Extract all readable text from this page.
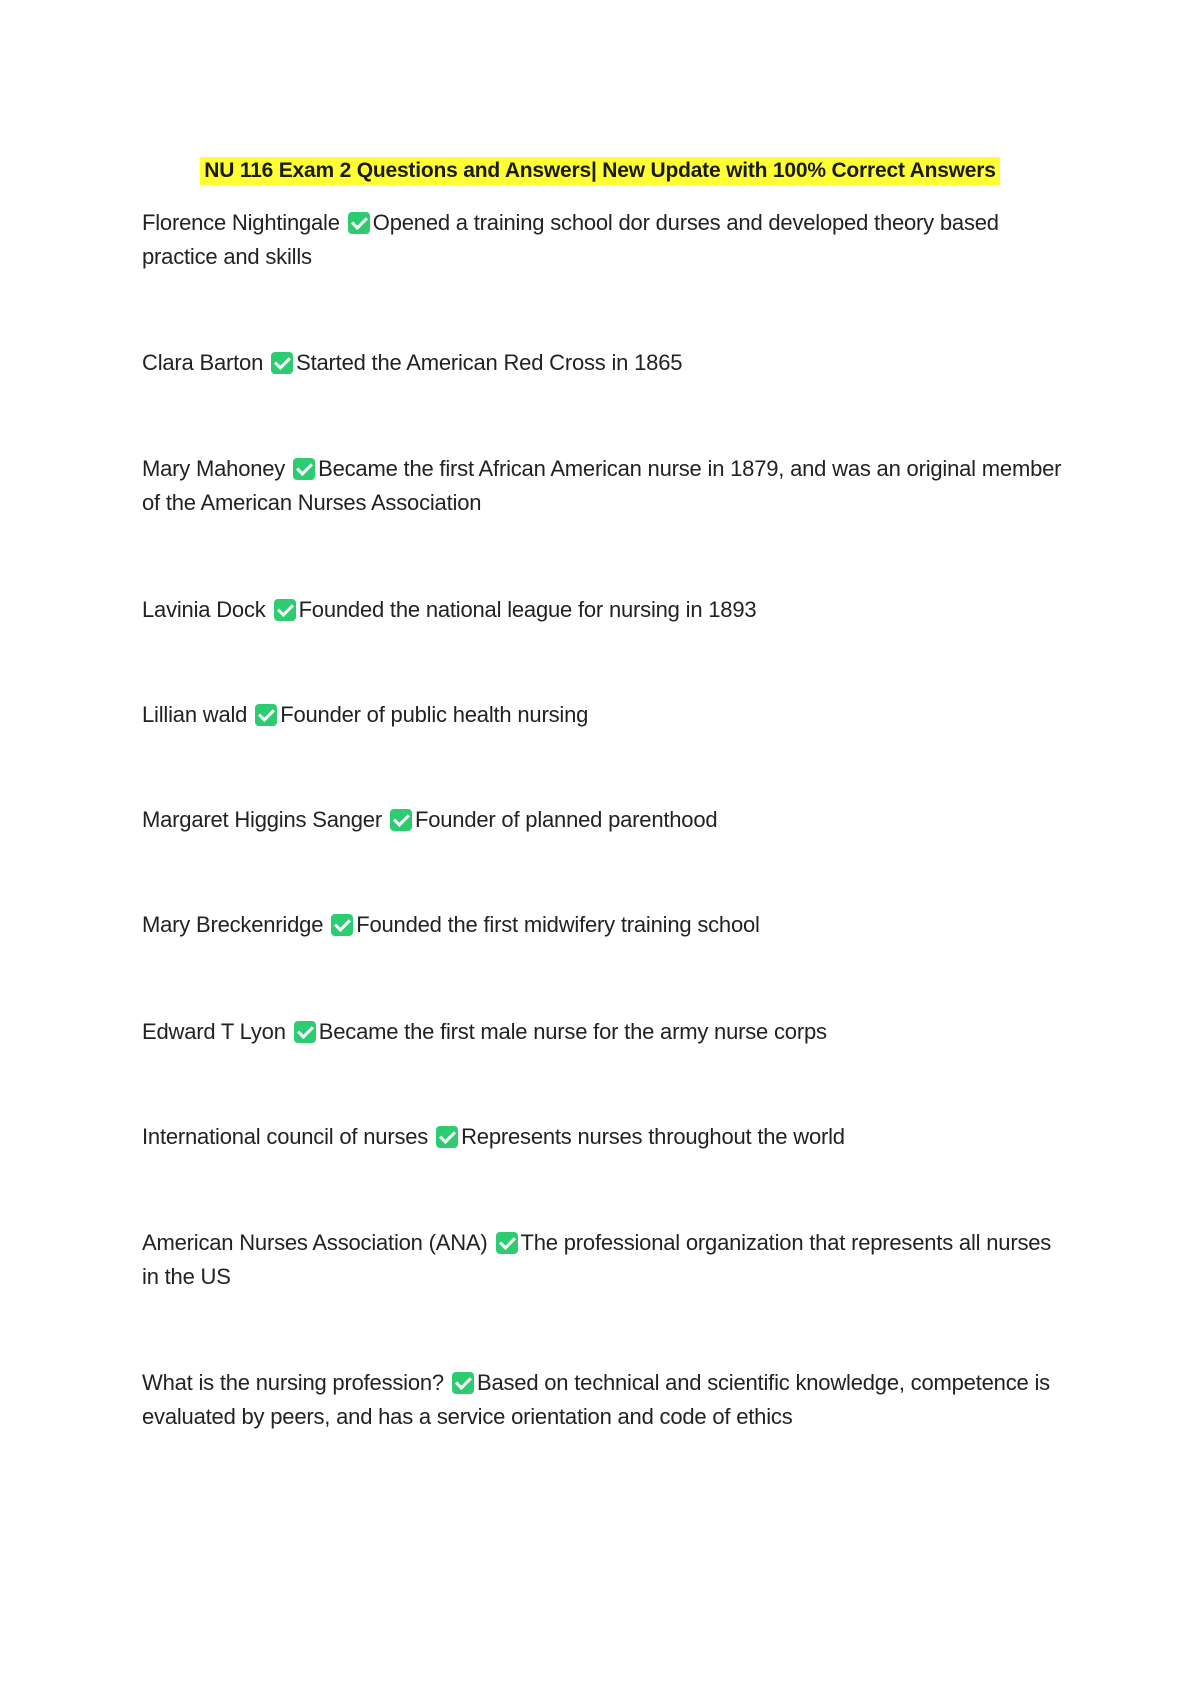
NU 116 Exam 2 Questions and Answers| New Update with 100% Correct Answers
Florence Nightingale Opened a training school dor durses and developed theory based practice and skills
Clara Barton Started the American Red Cross in 1865
Mary Mahoney Became the first African American nurse in 1879, and was an original member of the American Nurses Association
Lavinia Dock Founded the national league for nursing in 1893
Lillian wald Founder of public health nursing
Margaret Higgins Sanger Founder of planned parenthood
Mary Breckenridge Founded the first midwifery training school
Edward T Lyon Became the first male nurse for the army nurse corps
International council of nurses Represents nurses throughout the world
American Nurses Association (ANA) The professional organization that represents all nurses in the US
What is the nursing profession? Based on technical and scientific knowledge, competence is evaluated by peers, and has a service orientation and code of ethics
